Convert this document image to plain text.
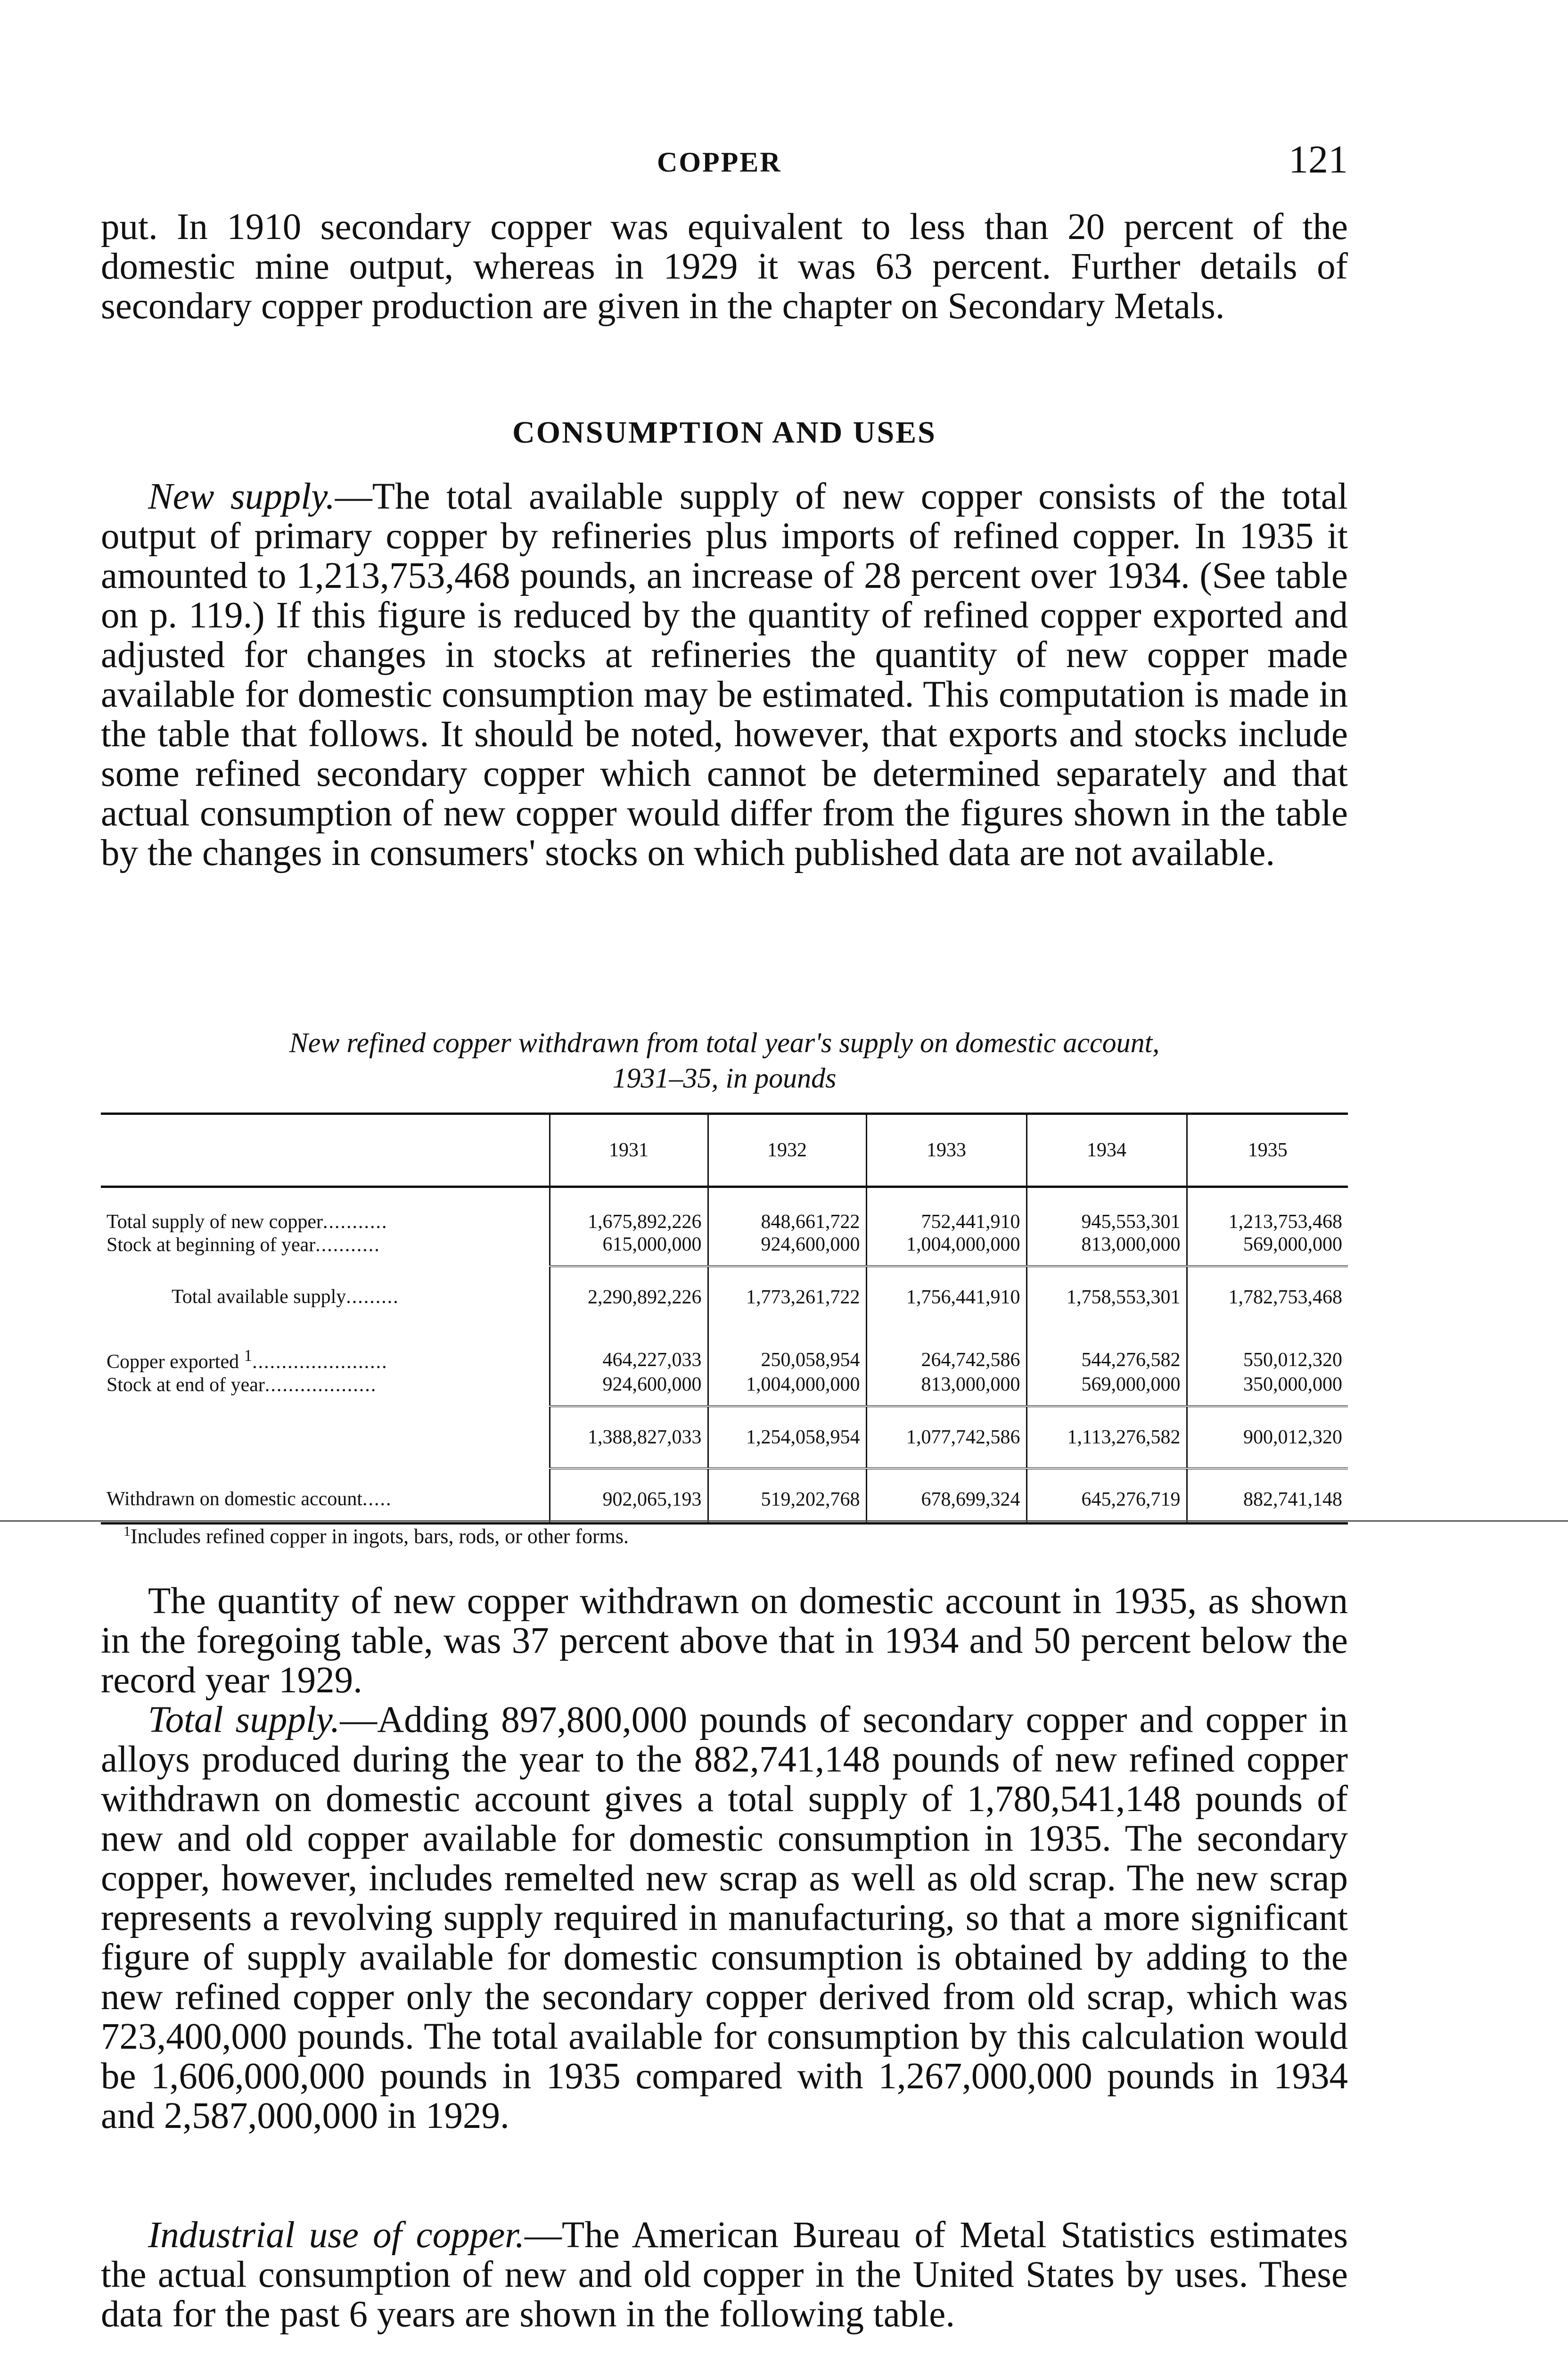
COPPER	121

put. In 1910 secondary copper was equivalent to less than 20 percent of the domestic mine output, whereas in 1929 it was 63 percent. Further details of secondary copper production are given in the chapter on Secondary Metals.

CONSUMPTION AND USES

New supply.—The total available supply of new copper consists of the total output of primary copper by refineries plus imports of refined copper. In 1935 it amounted to 1,213,753,468 pounds, an increase of 28 percent over 1934. (See table on p. 119.) If this figure is reduced by the quantity of refined copper exported and adjusted for changes in stocks at refineries the quantity of new copper made available for domestic consumption may be estimated. This computation is made in the table that follows. It should be noted, however, that exports and stocks include some refined secondary copper which cannot be determined separately and that actual consumption of new copper would differ from the figures shown in the table by the changes in consumers' stocks on which published data are not available.

New refined copper withdrawn from total year's supply on domestic account,
1931–35, in pounds
	1931	1932	1933	1934	1935
Total supply of new copper...........	1,675,892,226	848,661,722	752,441,910	945,553,301	1,213,753,468
Stock at beginning of year...........	615,000,000	924,600,000	1,004,000,000	813,000,000	569,000,000
Total available supply.........	2,290,892,226	1,773,261,722	1,756,441,910	1,758,553,301	1,782,753,468
Copper exported $^1$.......................	464,227,033	250,058,954	264,742,586	544,276,582	550,012,320
Stock at end of year...................	924,600,000	1,004,000,000	813,000,000	569,000,000	350,000,000
	1,388,827,033	1,254,058,954	1,077,742,586	1,113,276,582	900,012,320
Withdrawn on domestic account.....	902,065,193	519,202,768	678,699,324	645,276,719	882,741,148
$^1$Includes refined copper in ingots, bars, rods, or other forms.

The quantity of new copper withdrawn on domestic account in 1935, as shown in the foregoing table, was 37 percent above that in 1934 and 50 percent below the record year 1929.

Total supply.—Adding 897,800,000 pounds of secondary copper and copper in alloys produced during the year to the 882,741,148 pounds of new refined copper withdrawn on domestic account gives a total supply of 1,780,541,148 pounds of new and old copper available for domestic consumption in 1935. The secondary copper, however, includes remelted new scrap as well as old scrap. The new scrap represents a revolving supply required in manufacturing, so that a more significant figure of supply available for domestic consumption is obtained by adding to the new refined copper only the secondary copper derived from old scrap, which was 723,400,000 pounds. The total available for consumption by this calculation would be 1,606,000,000 pounds in 1935 compared with 1,267,000,000 pounds in 1934 and 2,587,000,000 in 1929.

Industrial use of copper.—The American Bureau of Metal Statistics estimates the actual consumption of new and old copper in the United States by uses. These data for the past 6 years are shown in the following table.
